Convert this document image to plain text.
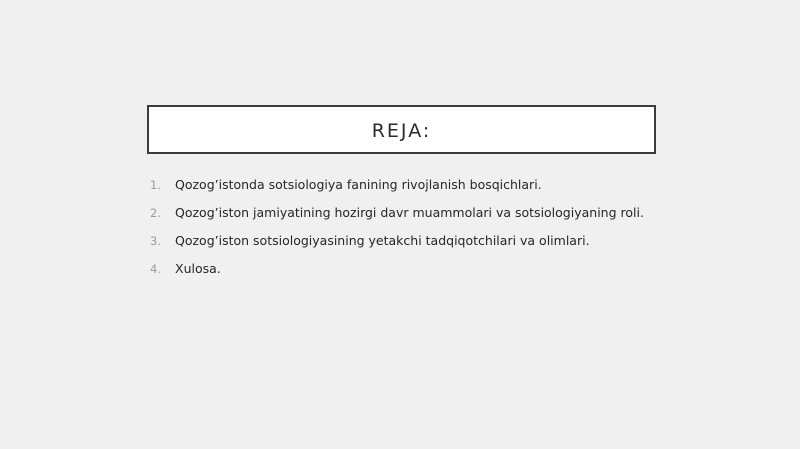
REJA:
1.	Qozog’istonda sotsiologiya fanining rivojlanish bosqichlari.
2.	Qozog’iston jamiyatining hozirgi davr muammolari va sotsiologiyaning roli.
3.	Qozog’iston sotsiologiyasining yetakchi tadqiqotchilari va olimlari.
4.	Xulosa.
